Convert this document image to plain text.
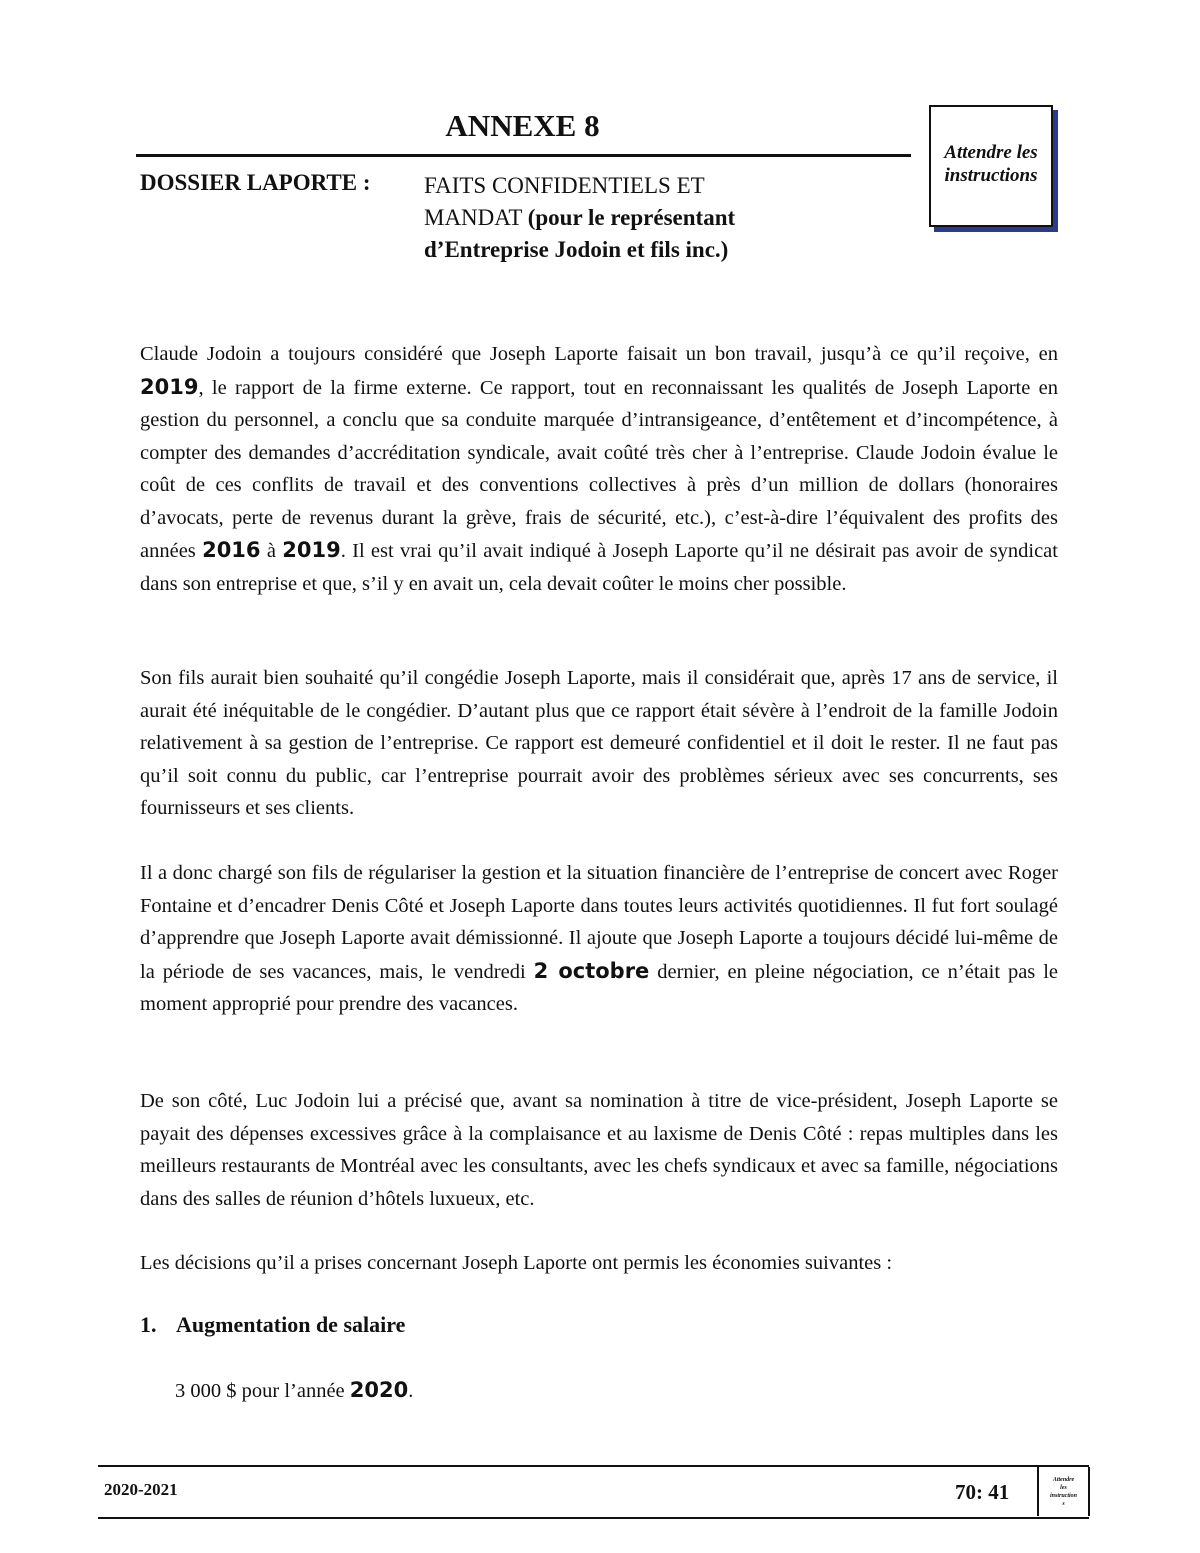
ANNEXE 8
DOSSIER LAPORTE : FAITS CONFIDENTIELS ET
MANDAT (pour le représentant
d’Entreprise Jodoin et fils inc.)
Attendre les
instructions
Claude Jodoin a toujours considéré que Joseph Laporte faisait un bon travail, jusqu’à ce qu’il reçoive, en 2019, le rapport de la firme externe. Ce rapport, tout en reconnaissant les qualités de Joseph Laporte en gestion du personnel, a conclu que sa conduite marquée d’intransigeance, d’entêtement et d’incompétence, à compter des demandes d’accréditation syndicale, avait coûté très cher à l’entreprise. Claude Jodoin évalue le coût de ces conflits de travail et des conventions collectives à près d’un million de dollars (honoraires d’avocats, perte de revenus durant la grève, frais de sécurité, etc.), c’est-à-dire l’équivalent des profits des années 2016 à 2019. Il est vrai qu’il avait indiqué à Joseph Laporte qu’il ne désirait pas avoir de syndicat dans son entreprise et que, s’il y en avait un, cela devait coûter le moins cher possible.
Son fils aurait bien souhaité qu’il congédie Joseph Laporte, mais il considérait que, après 17 ans de service, il aurait été inéquitable de le congédier. D’autant plus que ce rapport était sévère à l’endroit de la famille Jodoin relativement à sa gestion de l’entreprise. Ce rapport est demeuré confidentiel et il doit le rester. Il ne faut pas qu’il soit connu du public, car l’entreprise pourrait avoir des problèmes sérieux avec ses concurrents, ses fournisseurs et ses clients.
Il a donc chargé son fils de régulariser la gestion et la situation financière de l’entreprise de concert avec Roger Fontaine et d’encadrer Denis Côté et Joseph Laporte dans toutes leurs activités quotidiennes. Il fut fort soulagé d’apprendre que Joseph Laporte avait démissionné. Il ajoute que Joseph Laporte a toujours décidé lui-même de la période de ses vacances, mais, le vendredi 2 octobre dernier, en pleine négociation, ce n’était pas le moment approprié pour prendre des vacances.
De son côté, Luc Jodoin lui a précisé que, avant sa nomination à titre de vice-président, Joseph Laporte se payait des dépenses excessives grâce à la complaisance et au laxisme de Denis Côté : repas multiples dans les meilleurs restaurants de Montréal avec les consultants, avec les chefs syndicaux et avec sa famille, négociations dans des salles de réunion d’hôtels luxueux, etc.
Les décisions qu’il a prises concernant Joseph Laporte ont permis les économies suivantes :
1. Augmentation de salaire
3 000 $ pour l’année 2020.
2020-2021	70: 41	Attendre
les
instruction
s
